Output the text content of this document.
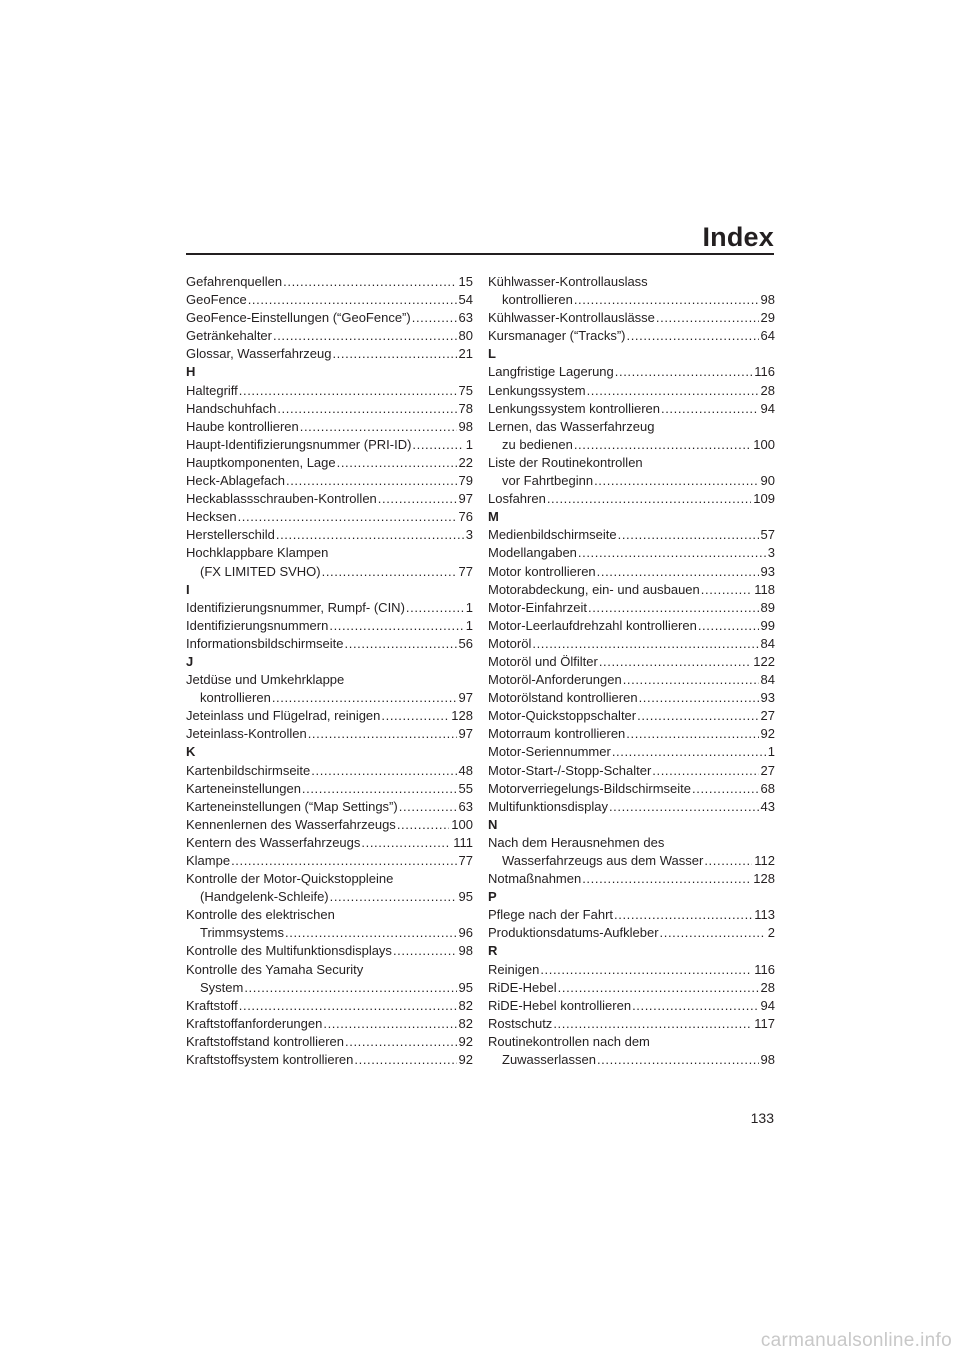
Index
Gefahrenquellen .....	15
GeoFence .....	54
GeoFence-Einstellungen (“GeoFence”) .....	63
Getränkehalter .....	80
Glossar, Wasserfahrzeug .....	21
H
Haltegriff .....	75
Handschuhfach .....	78
Haube kontrollieren .....	98
Haupt-Identifizierungsnummer (PRI-ID) .....	1
Hauptkomponenten, Lage .....	22
Heck-Ablagefach .....	79
Heckablassschrauben-Kontrollen .....	97
Hecksen .....	76
Herstellerschild .....	3
Hochklappbare Klampen
(FX LIMITED SVHO) .....	77
I
Identifizierungsnummer, Rumpf- (CIN) .....	1
Identifizierungsnummern .....	1
Informationsbildschirmseite .....	56
J
Jetdüse und Umkehrklappe
kontrollieren .....	97
Jeteinlass und Flügelrad, reinigen .....	128
Jeteinlass-Kontrollen .....	97
K
Kartenbildschirmseite .....	48
Karteneinstellungen .....	55
Karteneinstellungen (“Map Settings”) .....	63
Kennenlernen des Wasserfahrzeugs .....	100
Kentern des Wasserfahrzeugs .....	111
Klampe .....	77
Kontrolle der Motor-Quickstoppleine
(Handgelenk-Schleife) .....	95
Kontrolle des elektrischen
Trimmsystems .....	96
Kontrolle des Multifunktionsdisplays .....	98
Kontrolle des Yamaha Security
System .....	95
Kraftstoff .....	82
Kraftstoffanforderungen .....	82
Kraftstoffstand kontrollieren .....	92
Kraftstoffsystem kontrollieren .....	92
Kühlwasser-Kontrollauslass
kontrollieren .....	98
Kühlwasser-Kontrollauslässe .....	29
Kursmanager (“Tracks”) .....	64
L
Langfristige Lagerung .....	116
Lenkungssystem .....	28
Lenkungssystem kontrollieren .....	94
Lernen, das Wasserfahrzeug
zu bedienen .....	100
Liste der Routinekontrollen
vor Fahrtbeginn .....	90
Losfahren .....	109
M
Medienbildschirmseite .....	57
Modellangaben .....	3
Motor kontrollieren .....	93
Motorabdeckung, ein- und ausbauen .....	118
Motor-Einfahrzeit .....	89
Motor-Leerlaufdrehzahl kontrollieren .....	99
Motoröl .....	84
Motoröl und Ölfilter .....	122
Motoröl-Anforderungen .....	84
Motorölstand kontrollieren .....	93
Motor-Quickstoppschalter .....	27
Motorraum kontrollieren .....	92
Motor-Seriennummer .....	1
Motor-Start-/-Stopp-Schalter .....	27
Motorverriegelungs-Bildschirmseite .....	68
Multifunktionsdisplay .....	43
N
Nach dem Herausnehmen des
Wasserfahrzeugs aus dem Wasser .....	112
Notmaßnahmen .....	128
P
Pflege nach der Fahrt .....	113
Produktionsdatums-Aufkleber .....	2
R
Reinigen .....	116
RiDE-Hebel .....	28
RiDE-Hebel kontrollieren .....	94
Rostschutz .....	117
Routinekontrollen nach dem
Zuwasserlassen .....	98
133
carmanualsonline.info
